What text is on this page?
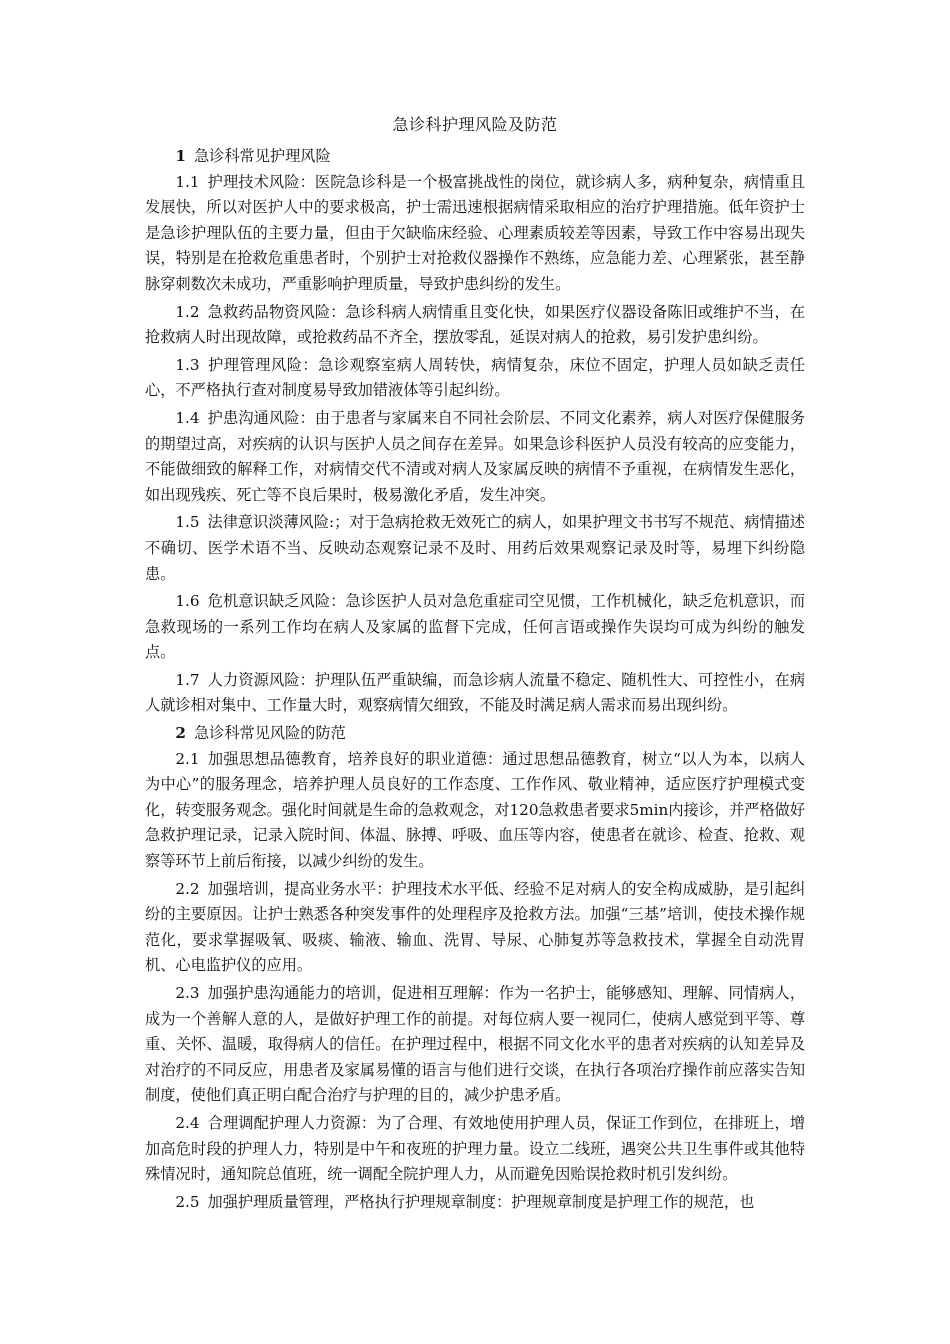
急诊科护理风险及防范
1 急诊科常见护理风险

1.1 护理技术风险：医院急诊科是一个极富挑战性的岗位，就诊病人多，病种复杂，病情重且发展快，所以对医护人中的要求极高，护士需迅速根据病情采取相应的治疗护理措施。低年资护士是急诊护理队伍的主要力量，但由于欠缺临床经验、心理素质较差等因素，导致工作中容易出现失误，特别是在抢救危重患者时，个别护士对抢救仪器操作不熟练，应急能力差、心理紧张，甚至静脉穿刺数次未成功，严重影响护理质量，导致护患纠纷的发生。

1.2 急救药品物资风险：急诊科病人病情重且变化快，如果医疗仪器设备陈旧或维护不当，在抢救病人时出现故障，或抢救药品不齐全，摆放零乱，延误对病人的抢救，易引发护患纠纷。

1.3 护理管理风险：急诊观察室病人周转快，病情复杂，床位不固定，护理人员如缺乏责任心，不严格执行查对制度易导致加错液体等引起纠纷。

1.4 护患沟通风险：由于患者与家属来自不同社会阶层、不同文化素养，病人对医疗保健服务的期望过高，对疾病的认识与医护人员之间存在差异。如果急诊科医护人员没有较高的应变能力，不能做细致的解释工作，对病情交代不清或对病人及家属反映的病情不予重视，在病情发生恶化，如出现残疾、死亡等不良后果时，极易激化矛盾，发生冲突。

1.5 法律意识淡薄风险:；对于急病抢救无效死亡的病人，如果护理文书书写不规范、病情描述不确切、医学术语不当、反映动态观察记录不及时、用药后效果观察记录及时等，易埋下纠纷隐患。

1.6 危机意识缺乏风险：急诊医护人员对急危重症司空见惯，工作机械化，缺乏危机意识，而急救现场的一系列工作均在病人及家属的监督下完成，任何言语或操作失误均可成为纠纷的触发点。

1.7 人力资源风险：护理队伍严重缺编，而急诊病人流量不稳定、随机性大、可控性小，在病人就诊相对集中、工作量大时，观察病情欠细致，不能及时满足病人需求而易出现纠纷。

2 急诊科常见风险的防范

2.1 加强思想品德教育，培养良好的职业道德：通过思想品德教育，树立“以人为本，以病人为中心”的服务理念，培养护理人员良好的工作态度、工作作风、敬业精神，适应医疗护理模式变化，转变服务观念。强化时间就是生命的急救观念，对120急救患者要求5min内接诊，并严格做好急救护理记录，记录入院时间、体温、脉搏、呼吸、血压等内容，使患者在就诊、检查、抢救、观察等环节上前后衔接，以减少纠纷的发生。

2.2 加强培训，提高业务水平：护理技术水平低、经验不足对病人的安全构成威胁，是引起纠纷的主要原因。让护士熟悉各种突发事件的处理程序及抢救方法。加强“三基”培训，使技术操作规范化，要求掌握吸氧、吸痰、输液、输血、洗胃、导尿、心肺复苏等急救技术，掌握全自动洗胃机、心电监护仪的应用。

2.3 加强护患沟通能力的培训，促进相互理解：作为一名护士，能够感知、理解、同情病人，成为一个善解人意的人，是做好护理工作的前提。对每位病人要一视同仁，使病人感觉到平等、尊重、关怀、温暖，取得病人的信任。在护理过程中，根据不同文化水平的患者对疾病的认知差异及对治疗的不同反应，用患者及家属易懂的语言与他们进行交谈，在执行各项治疗操作前应落实告知制度，使他们真正明白配合治疗与护理的目的，减少护患矛盾。

2.4 合理调配护理人力资源：为了合理、有效地使用护理人员，保证工作到位，在排班上，增加高危时段的护理人力，特别是中午和夜班的护理力量。设立二线班，遇突公共卫生事件或其他特殊情况时，通知院总值班，统一调配全院护理人力，从而避免因贻误抢救时机引发纠纷。

2.5 加强护理质量管理，严格执行护理规章制度：护理规章制度是护理工作的规范，也
